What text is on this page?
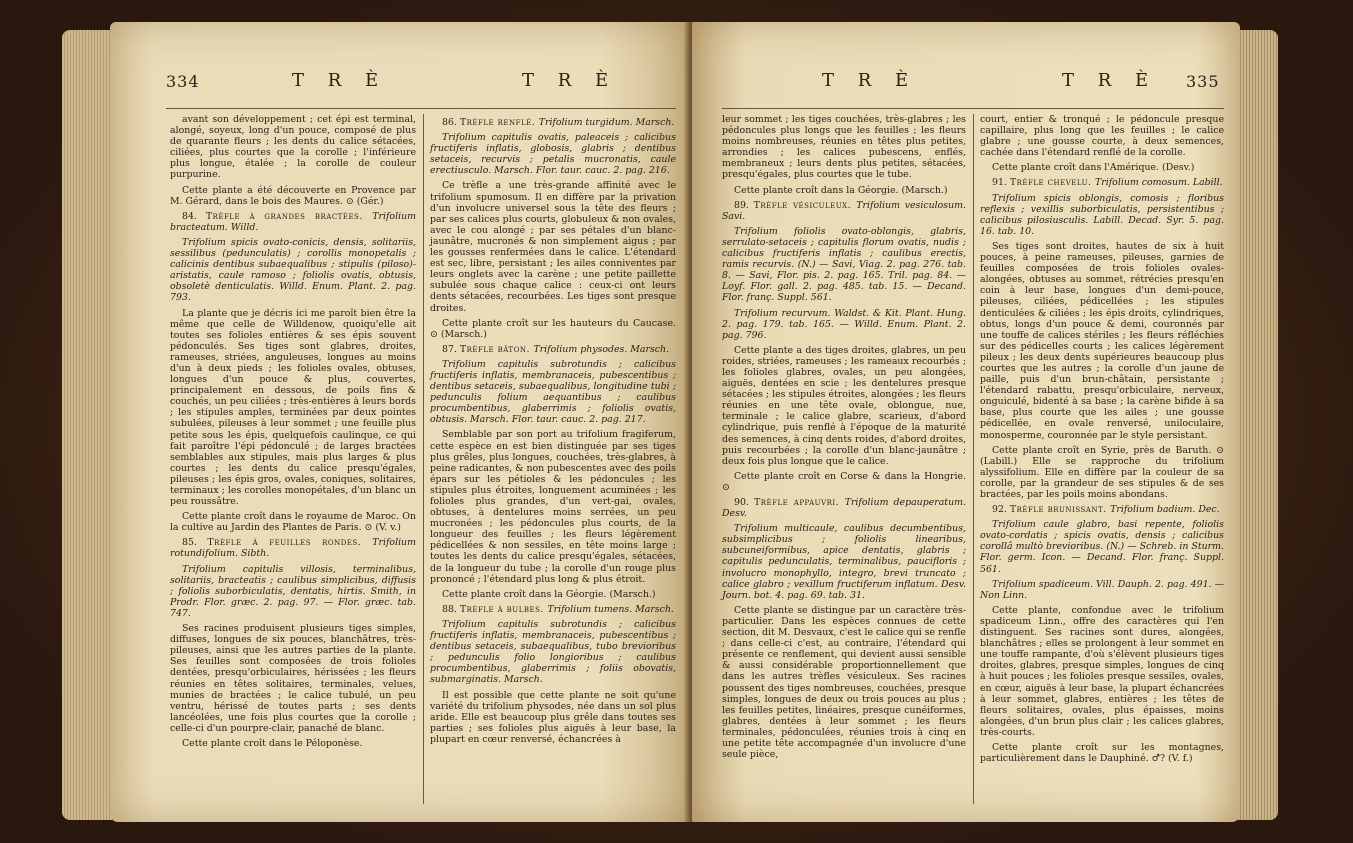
334	T R È	T R È

avant son développement ; cet épi est terminal, alongé, soyeux, long d'un pouce, composé de plus de quarante fleurs ; les dents du calice sétacées, ciliées, plus courtes que la corolle ; l'inférieure plus longue, étalée ; la corolle de couleur purpurine.

Cette plante a été découverte en Provence par M. Gérard, dans le bois des Maures. ⊙ (Gér.)

84. Trèfle à grandes bractées. Trifolium bracteatum. Willd.

Trifolium spicis ovato-conicis, densis, solitariis, sessilibus (pedunculatis) ; corollis monopetalis ; calicinis dentibus subaequalibus ; stipulis (piloso)-aristatis, caule ramoso ; foliolis ovatis, obtusis, obsoletè denticulatis. Willd. Enum. Plant. 2. pag. 793.

La plante que je décris ici me paroît bien être la même que celle de Willdenow, quoiqu'elle ait toutes ses folioles entières & ses épis souvent pédonculés. Ses tiges sont glabres, droites, rameuses, striées, anguleuses, longues au moins d'un à deux pieds ; les folioles ovales, obtuses, longues d'un pouce & plus, couvertes, principalement en dessous, de poils fins & couchés, un peu ciliées ; très-entières à leurs bords ; les stipules amples, terminées par deux pointes subulées, pileuses à leur sommet ; une feuille plus petite sous les épis, quelquefois caulinque, ce qui fait paroître l'épi pédonculé ; de larges bractées semblables aux stipules, mais plus larges & plus courtes ; les dents du calice presqu'égales, pileuses ; les épis gros, ovales, coniques, solitaires, terminaux ; les corolles monopétales, d'un blanc un peu roussâtre.

Cette plante croît dans le royaume de Maroc. On la cultive au Jardin des Plantes de Paris. ⊙ (V. v.)

85. Trèfle à feuilles rondes. Trifolium rotundifolium. Sibth.

Trifolium capitulis villosis, terminalibus, solitariis, bracteatis ; caulibus simplicibus, diffusis ; foliolis suborbiculatis, dentatis, hirtis. Smith, in Prodr. Flor. græc. 2. pag. 97. — Flor. græc. tab. 747.

Ses racines produisent plusieurs tiges simples, diffuses, longues de six pouces, blanchâtres, très-pileuses, ainsi que les autres parties de la plante. Ses feuilles sont composées de trois folioles dentées, presqu'orbiculaires, hérissées ; les fleurs réunies en têtes solitaires, terminales, velues, munies de bractées ; le calice tubulé, un peu ventru, hérissé de toutes parts ; ses dents lancéolées, une fois plus courtes que la corolle ; celle-ci d'un pourpre-clair, panaché de blanc.

Cette plante croît dans le Péloponèse.

86. Trèfle renflé. Trifolium turgidum. Marsch.

Trifolium capitulis ovatis, paleaceis ; calicibus fructiferis inflatis, globosis, glabris ; dentibus setaceis, recurvis ; petalis mucronatis, caule erectiusculo. Marsch. Flor. taur. cauc. 2. pag. 216.

Ce trèfle a une très-grande affinité avec le trifolium spumosum. Il en diffère par la privation d'un involucre universel sous la tête des fleurs ; par ses calices plus courts, globuleux & non ovales, avec le cou alongé ; par ses pétales d'un blanc-jaunâtre, mucronés & non simplement aigus ; par les gousses renfermées dans le calice. L'étendard est sec, libre, persistant ; les ailes conniventes par leurs onglets avec la carène ; une petite paillette subulée sous chaque calice : ceux-ci ont leurs dents sétacées, recourbées. Les tiges sont presque droites.

Cette plante croît sur les hauteurs du Caucase. ⊙ (Marsch.)

87. Trèfle bâton. Trifolium physodes. Marsch.

Trifolium capitulis subrotundis ; calicibus fructiferis inflatis, membranaceis, pubescentibus ; dentibus setaceis, subaequalibus, longitudine tubi ; pedunculis folium aequantibus ; caulibus procumbentibus, glaberrimis ; foliolis ovatis, obtusis. Marsch. Flor. taur. cauc. 2. pag. 217.

Semblable par son port au trifolium fragiferum, cette espèce en est bien distinguée par ses tiges plus grêles, plus longues, couchées, très-glabres, à peine radicantes, & non pubescentes avec des poils épars sur les pétioles & les pédoncules ; les stipules plus étroites, longuement acuminées ; les folioles plus grandes, d'un vert-gai, ovales, obtuses, à dentelures moins serrées, un peu mucronées ; les pédoncules plus courts, de la longueur des feuilles ; les fleurs légèrement pédicellées & non sessiles, en tête moins large ; toutes les dents du calice presqu'égales, sétacées, de la longueur du tube ; la corolle d'un rouge plus prononcé ; l'étendard plus long & plus étroit.

Cette plante croît dans la Géorgie. (Marsch.)

88. Trèfle à bulbes. Trifolium tumens. Marsch.

Trifolium capitulis subrotundis ; calicibus fructiferis inflatis, membranaceis, pubescentibus ; dentibus setaceis, subaequalibus, tubo brevioribus ; pedunculis folio longioribus ; caulibus procumbentibus, glaberrimis ; foliis obovatis, submarginatis. Marsch.

Il est possible que cette plante ne soit qu'une variété du trifolium physodes, née dans un sol plus aride. Elle est beaucoup plus grêle dans toutes ses parties ; ses folioles plus aiguës à leur base, la plupart en cœur renversé, échancrées à

T R È	T R È 335

leur sommet ; les tiges couchées, très-glabres ; les pédoncules plus longs que les feuilles ; les fleurs moins nombreuses, réunies en têtes plus petites, arrondies ; les calices pubescens, enflés, membraneux ; leurs dents plus petites, sétacées, presqu'égales, plus courtes que le tube.

Cette plante croît dans la Géorgie. (Marsch.)

89. Trèfle vésiculeux. Trifolium vesiculosum. Savi.

Trifolium foliolis ovato-oblongis, glabris, serrulato-setaceis ; capitulis florum ovatis, nudis ; calicibus fructiferis inflatis ; caulibus erectis, ramis recurvis. (N.) — Savi, Viag. 2. pag. 276. tab. 8. — Savi, Flor. pis. 2. pag. 165. Tril. pag. 84. — Loyf. Flor. gall. 2. pag. 485. tab. 15. — Decand. Flor. franç. Suppl. 561.

Trifolium recurvum. Waldst. & Kit. Plant. Hung. 2. pag. 179. tab. 165. — Willd. Enum. Plant. 2. pag. 796.

Cette plante a des tiges droites, glabres, un peu roides, striées, rameuses ; les rameaux recourbés ; les folioles glabres, ovales, un peu alongées, aiguës, dentées en scie ; les dentelures presque sétacées ; les stipules étroites, alongées ; les fleurs réunies en une tête ovale, oblongue, nue, terminale ; le calice glabre, scarieux, d'abord cylindrique, puis renflé à l'époque de la maturité des semences, à cinq dents roides, d'abord droites, puis recourbées ; la corolle d'un blanc-jaunâtre ; deux fois plus longue que le calice.

Cette plante croît en Corse & dans la Hongrie. ⊙

90. Trèfle appauvri. Trifolium depauperatum. Desv.

Trifolium multicaule, caulibus decumbentibus, subsimplicibus ; foliolis linearibus, subcuneiformibus, apice dentatis, glabris ; capitulis pedunculatis, terminalibus, paucifloris ; involucro monophyllo, integro, brevi truncato ; calice glabro ; vexillum fructiferum inflatum. Desv. Journ. bot. 4. pag. 69. tab. 31.

Cette plante se distingue par un caractère très-particulier. Dans les espèces connues de cette section, dit M. Desvaux, c'est le calice qui se renfle ; dans celle-ci c'est, au contraire, l'étendard qui présente ce renflement, qui devient aussi sensible & aussi considérable proportionnellement que dans les autres trèfles vésiculeux. Ses racines poussent des tiges nombreuses, couchées, presque simples, longues de deux ou trois pouces au plus ; les feuilles petites, linéaires, presque cunéiformes, glabres, dentées à leur sommet ; les fleurs terminales, pédonculées, réunies trois à cinq en une petite tête accompagnée d'un involucre d'une seule pièce,

court, entier & tronqué ; le pédoncule presque capillaire, plus long que les feuilles ; le calice glabre ; une gousse courte, à deux semences, cachée dans l'étendard renflé de la corolle.

Cette plante croît dans l'Amérique. (Desv.)

91. Trèfle chevelu. Trifolium comosum. Labill.

Trifolium spicis oblongis, comosis ; floribus reflexis ; vexillis suborbiculatis, persistentibus ; calicibus pilosiusculis. Labill. Decad. Syr. 5. pag. 16. tab. 10.

Ses tiges sont droites, hautes de six à huit pouces, à peine rameuses, pileuses, garnies de feuilles composées de trois folioles ovales-alongées, obtuses au sommet, rétrécies presqu'en coin à leur base, longues d'un demi-pouce, pileuses, ciliées, pédicellées ; les stipules denticulées & ciliées ; les épis droits, cylindriques, obtus, longs d'un pouce & demi, couronnés par une touffe de calices stériles ; les fleurs réfléchies sur des pédicelles courts ; les calices légèrement pileux ; les deux dents supérieures beaucoup plus courtes que les autres ; la corolle d'un jaune de paille, puis d'un brun-châtain, persistante ; l'étendard rabattu, presqu'orbiculaire, nerveux, onguiculé, bidenté à sa base ; la carène bifide à sa base, plus courte que les ailes ; une gousse pédicellée, en ovale renversé, uniloculaire, monosperme, couronnée par le style persistant.

Cette plante croît en Syrie, près de Baruth. ⊙ (Labill.) Elle se rapproche du trifolium alyssifolium. Elle en diffère par la couleur de sa corolle, par la grandeur de ses stipules & de ses bractées, par les poils moins abondans.

92. Trèfle brunissant. Trifolium badium. Dec.

Trifolium caule glabro, basi repente, foliolis ovato-cordatis ; spicis ovatis, densis ; calicibus corollâ multò brevioribus. (N.) — Schreb. in Sturm. Flor. germ. Icon. — Decand. Flor. franç. Suppl. 561.

Trifolium spadiceum. Vill. Dauph. 2. pag. 491. — Non Linn.

Cette plante, confondue avec le trifolium spadiceum Linn., offre des caractères qui l'en distinguent. Ses racines sont dures, alongées, blanchâtres ; elles se prolongent à leur sommet en une touffe rampante, d'où s'élèvent plusieurs tiges droites, glabres, presque simples, longues de cinq à huit pouces ; les folioles presque sessiles, ovales, en cœur, aiguës à leur base, la plupart échancrées à leur sommet, glabres, entières ; les têtes de fleurs solitaires, ovales, plus épaisses, moins alongées, d'un brun plus clair ; les calices glabres, très-courts.

Cette plante croît sur les montagnes, particulièrement dans le Dauphiné. ♂? (V. f.)
